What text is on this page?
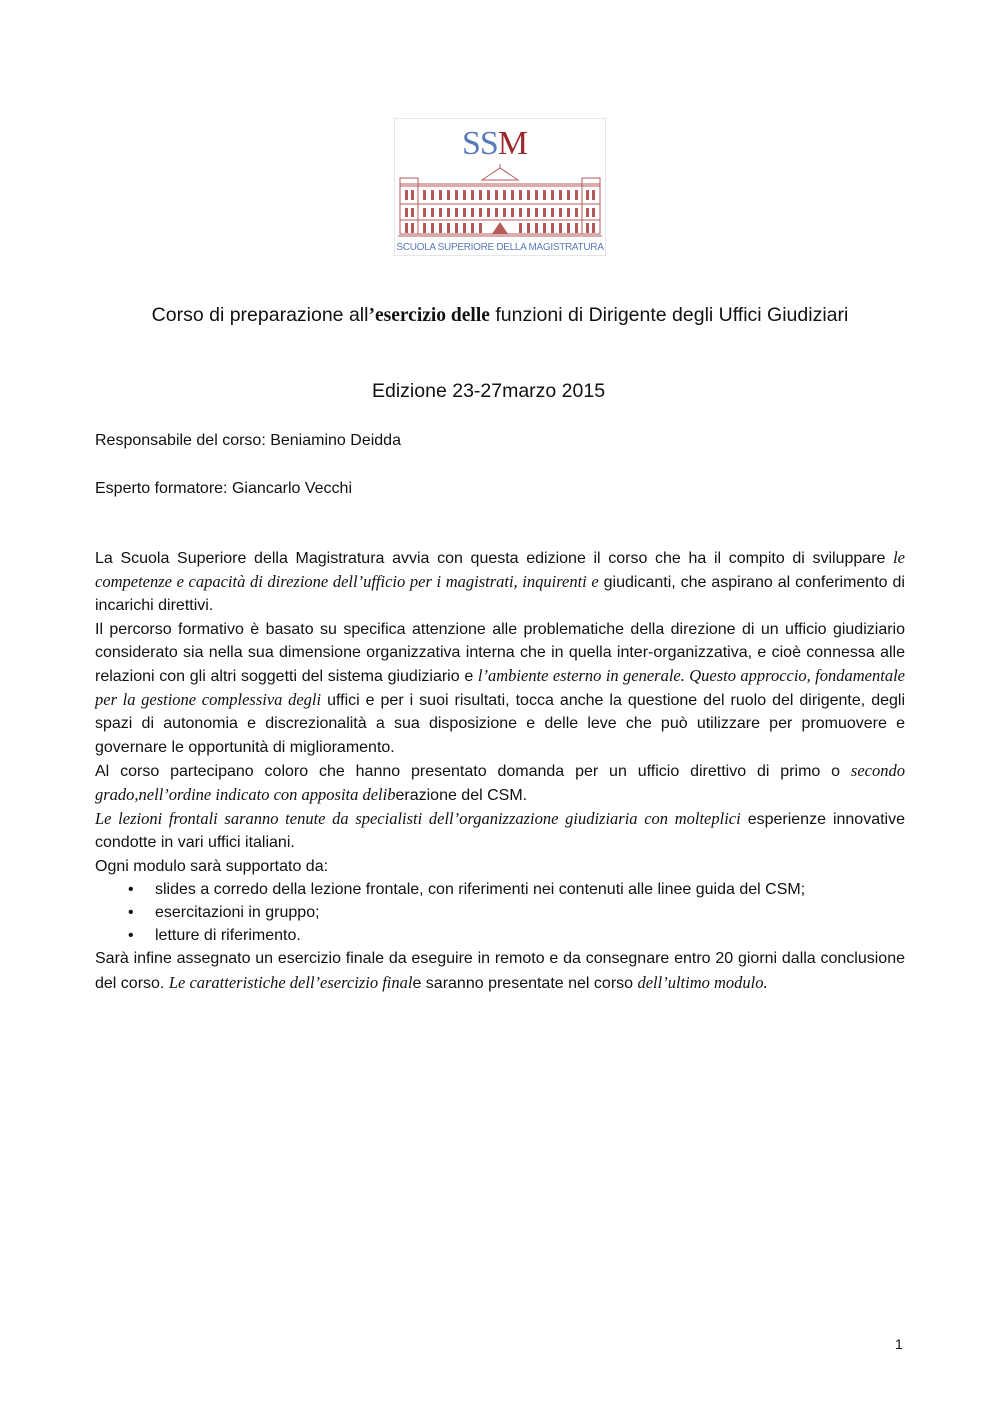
SSM
SCUOLA SUPERIORE DELLA MAGISTRATURA
Corso di preparazione all’esercizio delle funzioni di Dirigente degli Uffici Giudiziari
Edizione 23-27marzo 2015
Responsabile del corso: Beniamino Deidda
Esperto formatore: Giancarlo Vecchi

La Scuola Superiore della Magistratura avvia con questa edizione il corso che ha il compito di sviluppare le competenze e capacità di direzione dell’ufficio per i magistrati, inquirenti e giudicanti, che aspirano al conferimento di incarichi direttivi.

Il percorso formativo è basato su specifica attenzione alle problematiche della direzione di un ufficio giudiziario considerato sia nella sua dimensione organizzativa interna che in quella inter-organizzativa, e cioè connessa alle relazioni con gli altri soggetti del sistema giudiziario e l’ambiente esterno in generale. Questo approccio, fondamentale per la gestione complessiva degli uffici e per i suoi risultati, tocca anche la questione del ruolo del dirigente, degli spazi di autonomia e discrezionalità a sua disposizione e delle leve che può utilizzare per promuovere e governare le opportunità di miglioramento.

Al corso partecipano coloro che hanno presentato domanda per un ufficio direttivo di primo o secondo grado,nell’ordine indicato con apposita deliberazione del CSM.

Le lezioni frontali saranno tenute da specialisti dell’organizzazione giudiziaria con molteplici esperienze innovative condotte in vari uffici italiani.

Ogni modulo sarà supportato da:

• slides a corredo della lezione frontale, con riferimenti nei contenuti alle linee guida del CSM;
• esercitazioni in gruppo;
• letture di riferimento.

Sarà infine assegnato un esercizio finale da eseguire in remoto e da consegnare entro 20 giorni dalla conclusione del corso. Le caratteristiche dell’esercizio finale saranno presentate nel corso dell’ultimo modulo.

1
